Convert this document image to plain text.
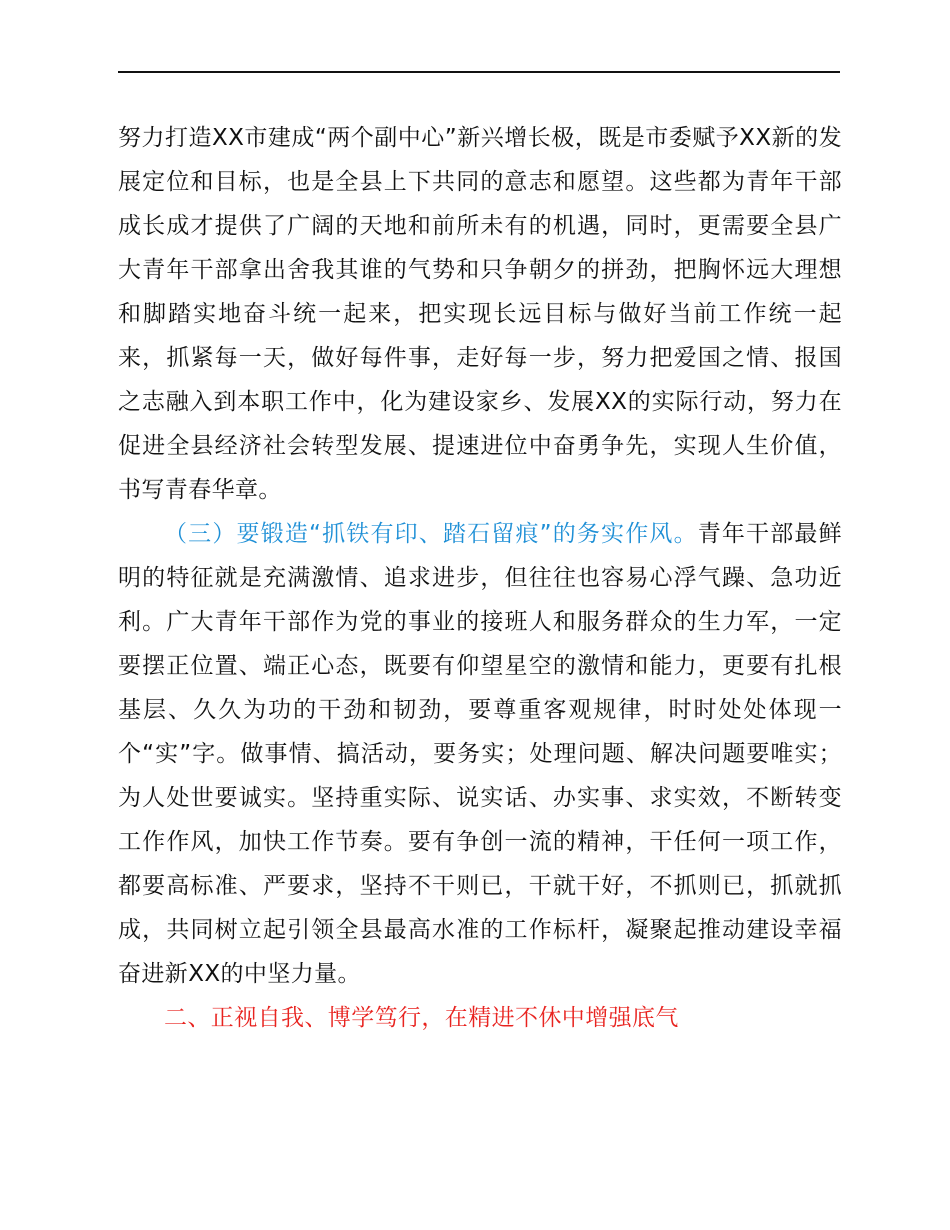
努力打造XX市建成“两个副中心”新兴增长极，既是市委赋予XX新的发展定位和目标，也是全县上下共同的意志和愿望。这些都为青年干部成长成才提供了广阔的天地和前所未有的机遇，同时，更需要全县广大青年干部拿出舍我其谁的气势和只争朝夕的拼劲，把胸怀远大理想和脚踏实地奋斗统一起来，把实现长远目标与做好当前工作统一起来，抓紧每一天，做好每件事，走好每一步，努力把爱国之情、报国之志融入到本职工作中，化为建设家乡、发展XX的实际行动，努力在促进全县经济社会转型发展、提速进位中奋勇争先，实现人生价值，书写青春华章。

（三）要锻造“抓铁有印、踏石留痕”的务实作风。青年干部最鲜明的特征就是充满激情、追求进步，但往往也容易心浮气躁、急功近利。广大青年干部作为党的事业的接班人和服务群众的生力军，一定要摆正位置、端正心态，既要有仰望星空的激情和能力，更要有扎根基层、久久为功的干劲和韧劲，要尊重客观规律，时时处处体现一个“实”字。做事情、搞活动，要务实；处理问题、解决问题要唯实；为人处世要诚实。坚持重实际、说实话、办实事、求实效，不断转变工作作风，加快工作节奏。要有争创一流的精神，干任何一项工作，都要高标准、严要求，坚持不干则已，干就干好，不抓则已，抓就抓成，共同树立起引领全县最高水准的工作标杆，凝聚起推动建设幸福奋进新XX的中坚力量。

二、正视自我、博学笃行，在精进不休中增强底气
